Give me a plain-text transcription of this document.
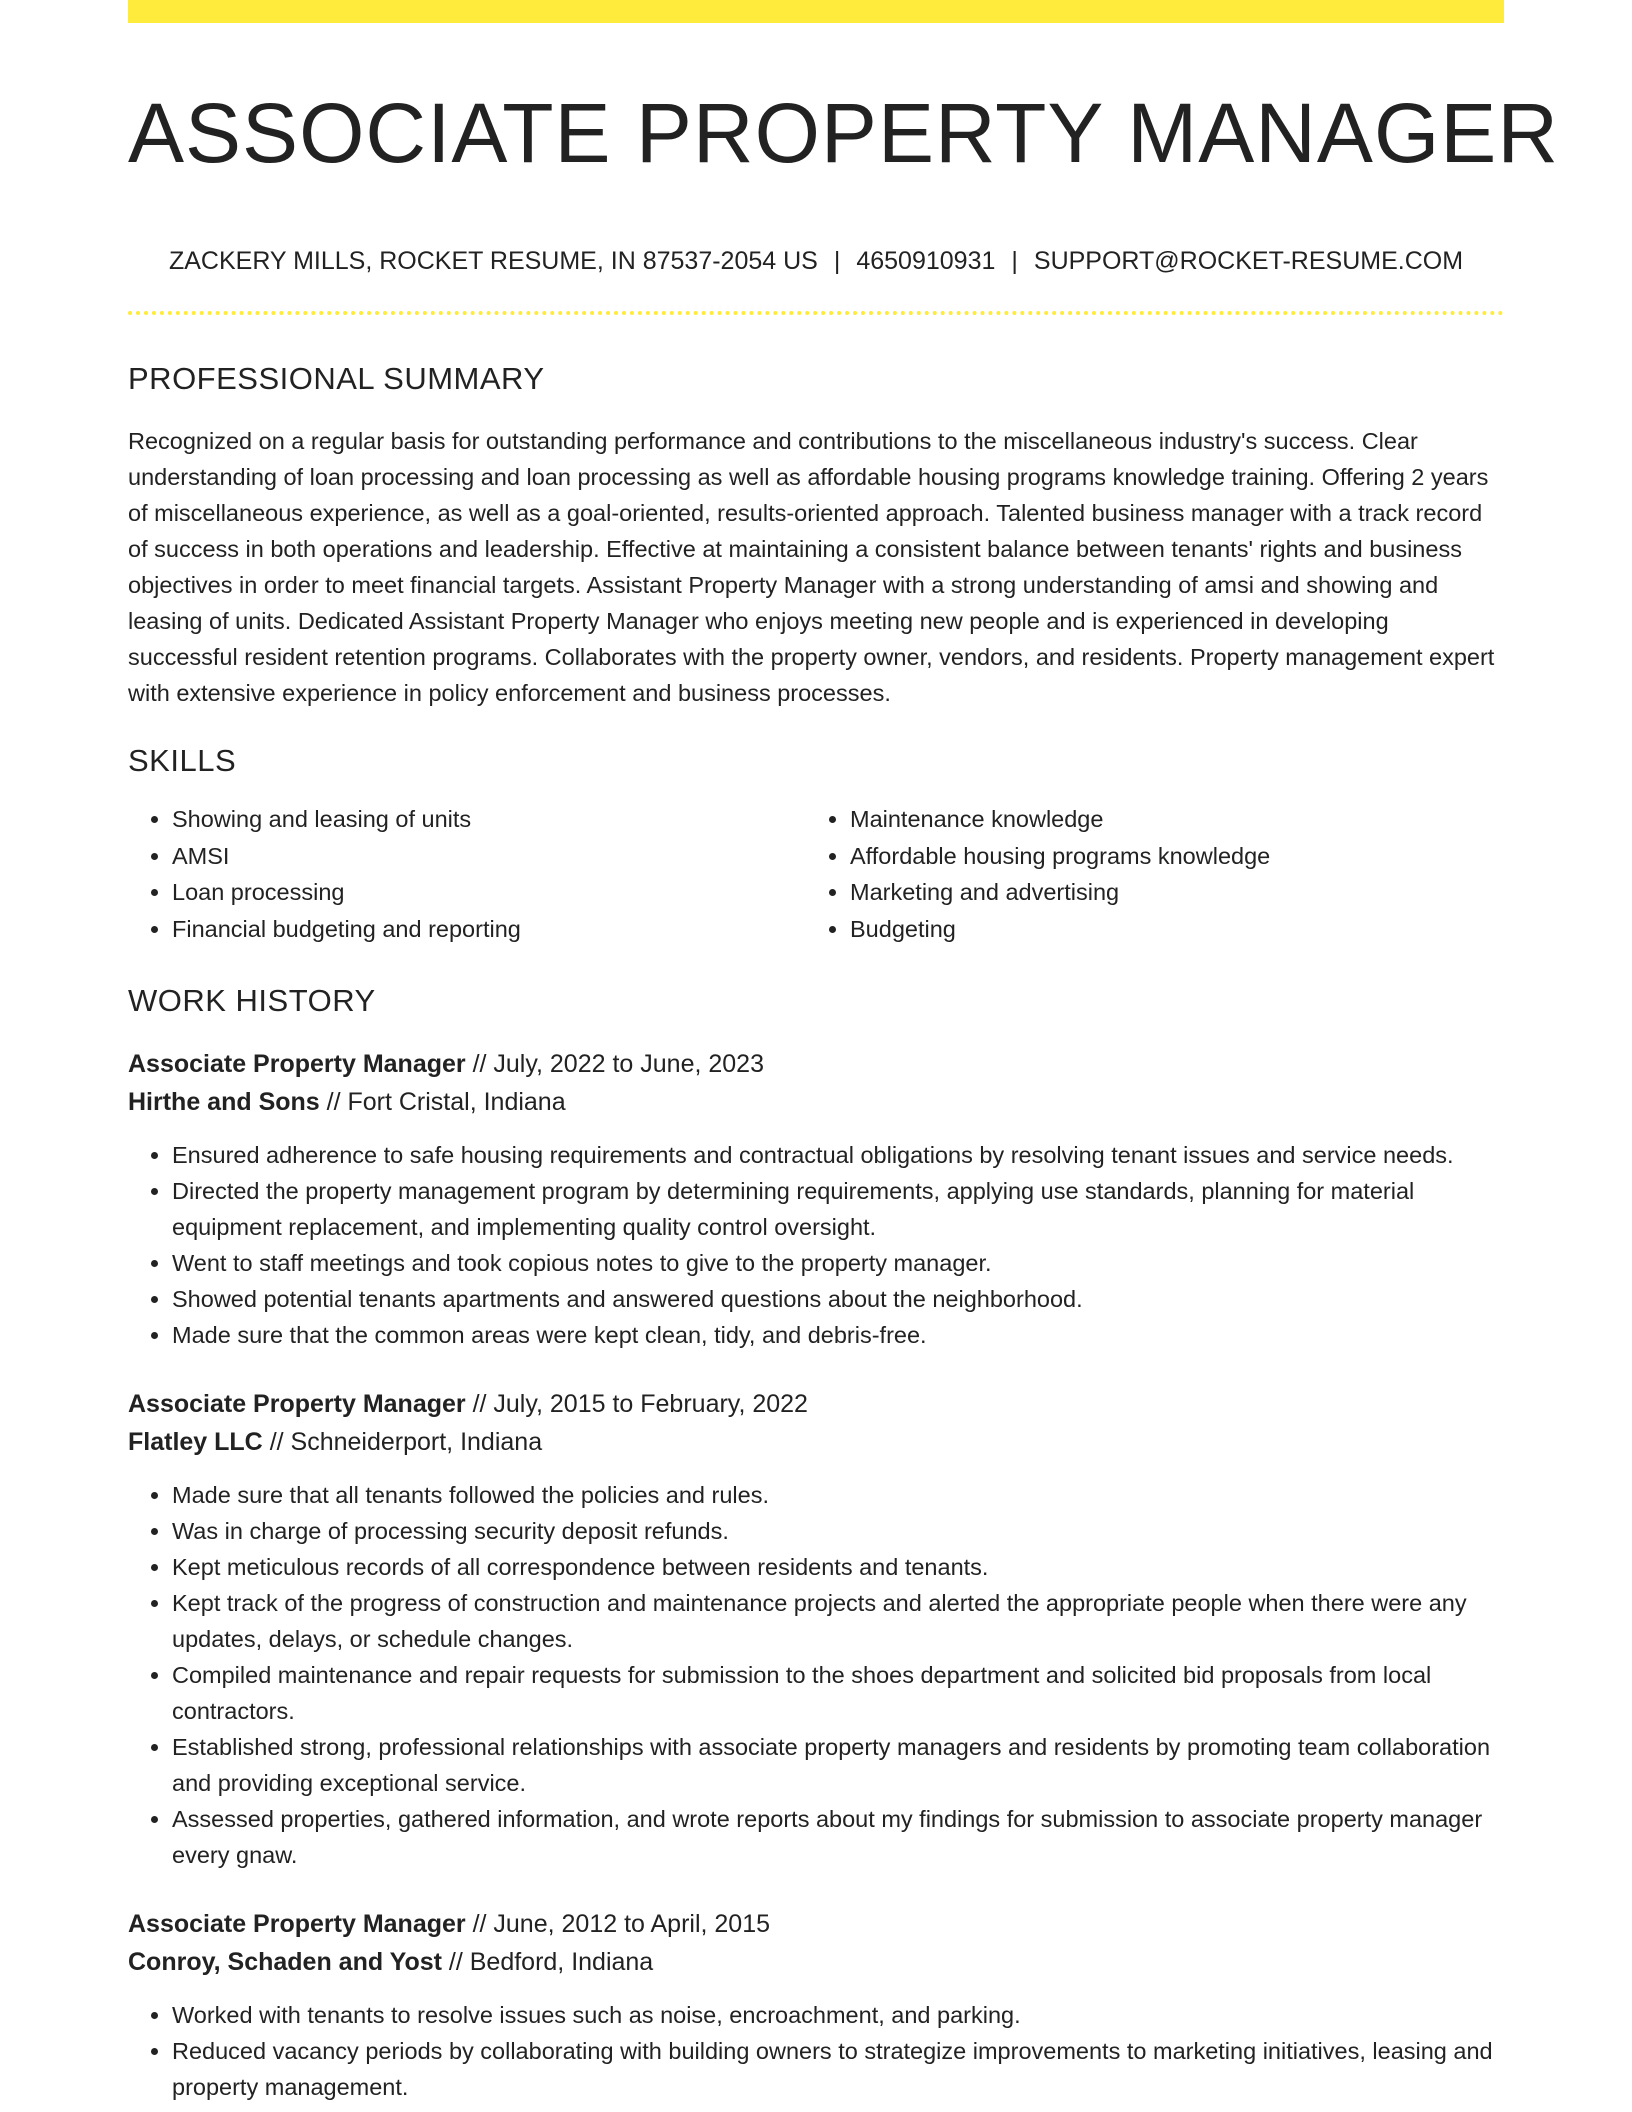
ASSOCIATE PROPERTY MANAGER
ZACKERY MILLS, ROCKET RESUME, IN 87537-2054 US | 4650910931 | SUPPORT@ROCKET-RESUME.COM
PROFESSIONAL SUMMARY

Recognized on a regular basis for outstanding performance and contributions to the miscellaneous industry's success. Clear understanding of loan processing and loan processing as well as affordable housing programs knowledge training. Offering 2 years of miscellaneous experience, as well as a goal-oriented, results-oriented approach. Talented business manager with a track record of success in both operations and leadership. Effective at maintaining a consistent balance between tenants' rights and business objectives in order to meet financial targets. Assistant Property Manager with a strong understanding of amsi and showing and leasing of units. Dedicated Assistant Property Manager who enjoys meeting new people and is experienced in developing successful resident retention programs. Collaborates with the property owner, vendors, and residents. Property management expert with extensive experience in policy enforcement and business processes.

SKILLS
• Showing and leasing of units
• AMSI
• Loan processing
• Financial budgeting and reporting
• Maintenance knowledge
• Affordable housing programs knowledge
• Marketing and advertising
• Budgeting
WORK HISTORY
Associate Property Manager // July, 2022 to June, 2023
Hirthe and Sons // Fort Cristal, Indiana
• Ensured adherence to safe housing requirements and contractual obligations by resolving tenant issues and service needs.
• Directed the property management program by determining requirements, applying use standards, planning for material equipment replacement, and implementing quality control oversight.
• Went to staff meetings and took copious notes to give to the property manager.
• Showed potential tenants apartments and answered questions about the neighborhood.
• Made sure that the common areas were kept clean, tidy, and debris-free.
Associate Property Manager // July, 2015 to February, 2022
Flatley LLC // Schneiderport, Indiana
• Made sure that all tenants followed the policies and rules.
• Was in charge of processing security deposit refunds.
• Kept meticulous records of all correspondence between residents and tenants.
• Kept track of the progress of construction and maintenance projects and alerted the appropriate people when there were any updates, delays, or schedule changes.
• Compiled maintenance and repair requests for submission to the shoes department and solicited bid proposals from local contractors.
• Established strong, professional relationships with associate property managers and residents by promoting team collaboration and providing exceptional service.
• Assessed properties, gathered information, and wrote reports about my findings for submission to associate property manager every gnaw.
Associate Property Manager // June, 2012 to April, 2015
Conroy, Schaden and Yost // Bedford, Indiana
• Worked with tenants to resolve issues such as noise, encroachment, and parking.
• Reduced vacancy periods by collaborating with building owners to strategize improvements to marketing initiatives, leasing and property management.
